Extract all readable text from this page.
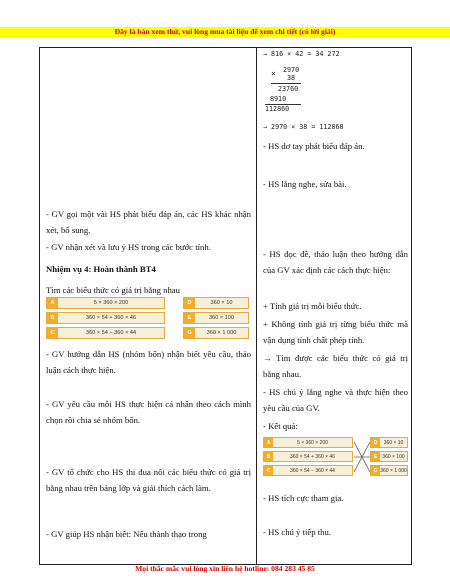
Đây là bản xem thử, vui lòng mua tài liệu để xem chi tiết (có lời giải)
- GV gọi một vài HS phát biểu đáp án, các HS khác nhận xét, bổ sung.
- GV nhận xét và lưu ý HS trong các bước tính.
Nhiệm vụ 4: Hoàn thành BT4
Tìm các biểu thức có giá trị bằng nhau
A	5 × 360 × 200
B	360 × 54 + 360 × 46
C	360 × 54 − 360 × 44
D	360 × 10
E	360 × 100
G	360 × 1 000
- GV hướng dẫn HS (nhóm bốn) nhận biết yêu cầu, thảo luận cách thực hiện.
- GV yêu cầu mỗi HS thực hiện cá nhân theo cách mình chọn rồi chia sẻ nhóm bốn.
- GV tổ chức cho HS thi đua nối các biểu thức có giá trị bằng nhau trên bảng lớp và giải thích cách làm.
- GV giúp HS nhận biết: Nếu thành thạo trong
→ 816 × 42 = 34 272
× 2970
38
23760
8910
112860
→ 2970 × 38 = 112860
- HS dơ tay phát biểu đáp án.
- HS lắng nghe, sửa bài.
- HS đọc đề, thảo luận theo hướng dẫn của GV xác định các cách thực hiện:
+ Tính giá trị mỗi biểu thức.
+ Không tính giá trị từng biểu thức mà vận dụng tính chất phép tính.
→ Tìm được các biểu thức có giá trị bằng nhau.
- HS chú ý lắng nghe và thực hiện theo yêu cầu của GV.
- Kết quả:
A	5 × 360 × 200
B	360 × 54 + 360 × 46
C	360 × 54 − 360 × 44
D	360 × 10
E	360 × 100
G 360 × 1 000
- HS tích cực tham gia.
- HS chú ý tiếp thu.
Mọi thắc mắc vui lòng xin liên hệ hotline: 084 283 45 85
